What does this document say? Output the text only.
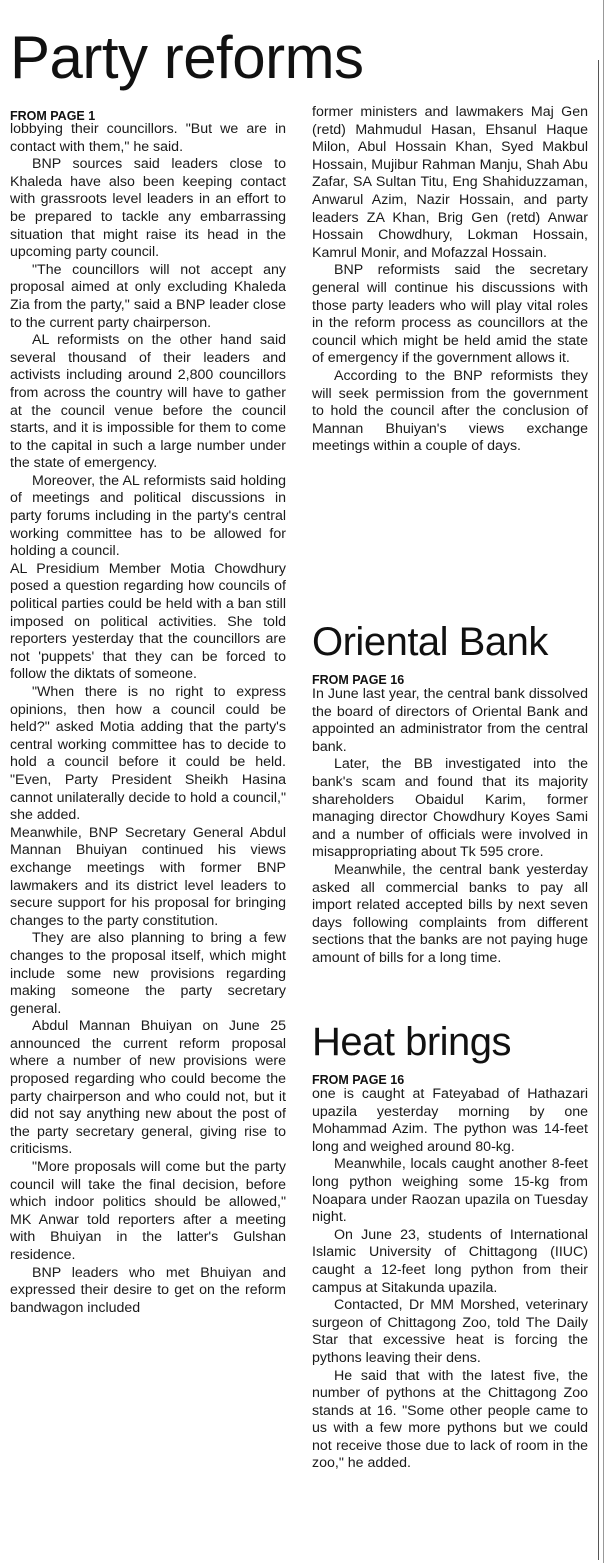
Party reforms
FROM PAGE 1

lobbying their councillors. "But we are in contact with them," he said.

BNP sources said leaders close to Khaleda have also been keeping contact with grassroots level leaders in an effort to be prepared to tackle any embarrassing situation that might raise its head in the upcoming party council.

"The councillors will not accept any proposal aimed at only excluding Khaleda Zia from the party," said a BNP leader close to the current party chairperson.

AL reformists on the other hand said several thousand of their leaders and activists including around 2,800 councillors from across the country will have to gather at the council venue before the council starts, and it is impossible for them to come to the capital in such a large number under the state of emergency.

Moreover, the AL reformists said holding of meetings and political discussions in party forums including in the party's central working committee has to be allowed for holding a council.

AL Presidium Member Motia Chowdhury posed a question regarding how councils of political parties could be held with a ban still imposed on political activities. She told reporters yesterday that the councillors are not 'puppets' that they can be forced to follow the diktats of someone.

"When there is no right to express opinions, then how a council could be held?" asked Motia adding that the party's central working committee has to decide to hold a council before it could be held. "Even, Party President Sheikh Hasina cannot unilaterally decide to hold a council," she added.

Meanwhile, BNP Secretary General Abdul Mannan Bhuiyan continued his views exchange meetings with former BNP lawmakers and its district level leaders to secure support for his proposal for bringing changes to the party constitution.

They are also planning to bring a few changes to the proposal itself, which might include some new provisions regarding making someone the party secretary general.

Abdul Mannan Bhuiyan on June 25 announced the current reform proposal where a number of new provisions were proposed regarding who could become the party chairperson and who could not, but it did not say anything new about the post of the party secretary general, giving rise to criticisms.

"More proposals will come but the party council will take the final decision, before which indoor politics should be allowed," MK Anwar told reporters after a meeting with Bhuiyan in the latter's Gulshan residence.

BNP leaders who met Bhuiyan and expressed their desire to get on the reform bandwagon included

former ministers and lawmakers Maj Gen (retd) Mahmudul Hasan, Ehsanul Haque Milon, Abul Hossain Khan, Syed Makbul Hossain, Mujibur Rahman Manju, Shah Abu Zafar, SA Sultan Titu, Eng Shahiduzzaman, Anwarul Azim, Nazir Hossain, and party leaders ZA Khan, Brig Gen (retd) Anwar Hossain Chowdhury, Lokman Hossain, Kamrul Monir, and Mofazzal Hossain.

BNP reformists said the secretary general will continue his discussions with those party leaders who will play vital roles in the reform process as councillors at the council which might be held amid the state of emergency if the government allows it.

According to the BNP reformists they will seek permission from the government to hold the council after the conclusion of Mannan Bhuiyan's views exchange meetings within a couple of days.

Oriental Bank
FROM PAGE 16

In June last year, the central bank dissolved the board of directors of Oriental Bank and appointed an administrator from the central bank.

Later, the BB investigated into the bank's scam and found that its majority shareholders Obaidul Karim, former managing director Chowdhury Koyes Sami and a number of officials were involved in misappropriating about Tk 595 crore.

Meanwhile, the central bank yesterday asked all commercial banks to pay all import related accepted bills by next seven days following complaints from different sections that the banks are not paying huge amount of bills for a long time.

Heat brings
FROM PAGE 16

one is caught at Fateyabad of Hathazari upazila yesterday morning by one Mohammad Azim. The python was 14-feet long and weighed around 80-kg.

Meanwhile, locals caught another 8-feet long python weighing some 15-kg from Noapara under Raozan upazila on Tuesday night.

On June 23, students of International Islamic University of Chittagong (IIUC) caught a 12-feet long python from their campus at Sitakunda upazila.

Contacted, Dr MM Morshed, veterinary surgeon of Chittagong Zoo, told The Daily Star that excessive heat is forcing the pythons leaving their dens.

He said that with the latest five, the number of pythons at the Chittagong Zoo stands at 16. "Some other people came to us with a few more pythons but we could not receive those due to lack of room in the zoo," he added.
